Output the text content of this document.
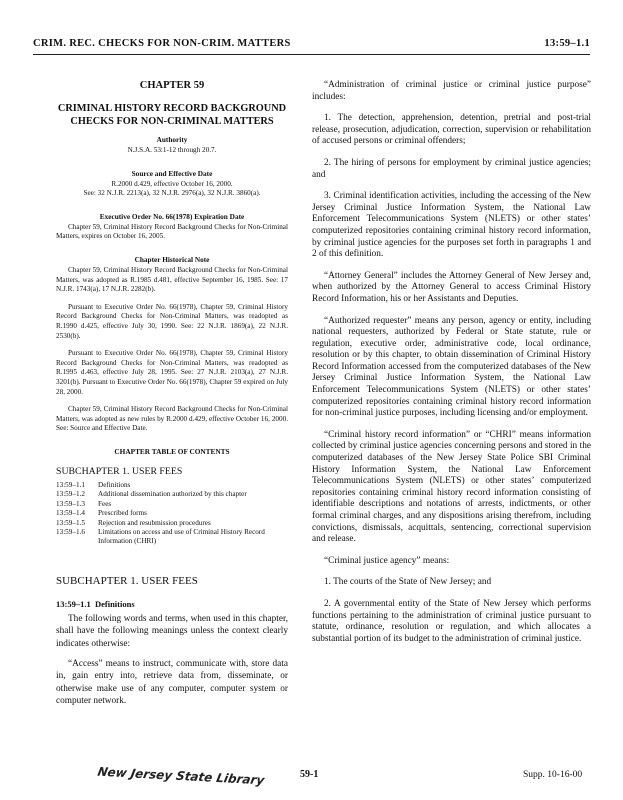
CRIM. REC. CHECKS FOR NON-CRIM. MATTERS	13:59–1.1

CHAPTER 59

CRIMINAL HISTORY RECORD BACKGROUND CHECKS FOR NON-CRIMINAL MATTERS

Authority

N.J.S.A. 53:1-12 through 20.7.

Source and Effective Date

R.2000 d.429, effective October 16, 2000.

See: 32 N.J.R. 2213(a), 32 N.J.R. 2976(a), 32 N.J.R. 3860(a).

Executive Order No. 66(1978) Expiration Date

Chapter 59, Criminal History Record Background Checks for Non-Criminal Matters, expires on October 16, 2005.

Chapter Historical Note

Chapter 59, Criminal History Record Background Checks for Non-Criminal Matters, was adopted as R.1985 d.481, effective September 16, 1985. See: 17 N.J.R. 1743(a), 17 N.J.R. 2282(b).

Pursuant to Executive Order No. 66(1978), Chapter 59, Criminal History Record Background Checks for Non-Criminal Matters, was readopted as R.1990 d.425, effective July 30, 1990. See: 22 N.J.R. 1869(a), 22 N.J.R. 2530(b).

Pursuant to Executive Order No. 66(1978), Chapter 59, Criminal History Record Background Checks for Non-Criminal Matters, was readopted as R.1995 d.463, effective July 28, 1995. See: 27 N.J.R. 2103(a), 27 N.J.R. 3201(b). Pursuant to Executive Order No. 66(1978), Chapter 59 expired on July 28, 2000.

Chapter 59, Criminal History Record Background Checks for Non-Criminal Matters, was adopted as new rules by R.2000 d.429, effective October 16, 2000. See: Source and Effective Date.

CHAPTER TABLE OF CONTENTS

SUBCHAPTER 1. USER FEES

13:59–1.1	Definitions
13:59–1.2	Additional dissemination authorized by this chapter
13:59–1.3	Fees
13:59–1.4	Prescribed forms
13:59–1.5	Rejection and resubmission procedures
13:59–1.6	Limitations on access and use of Criminal History Record Information (CHRI)

SUBCHAPTER 1. USER FEES

13:59–1.1 Definitions

The following words and terms, when used in this chapter, shall have the following meanings unless the context clearly indicates otherwise:

“Access” means to instruct, communicate with, store data in, gain entry into, retrieve data from, disseminate, or otherwise make use of any computer, computer system or computer network.

“Administration of criminal justice or criminal justice purpose” includes:

1. The detection, apprehension, detention, pretrial and post-trial release, prosecution, adjudication, correction, supervision or rehabilitation of accused persons or criminal offenders;

2. The hiring of persons for employment by criminal justice agencies; and

3. Criminal identification activities, including the accessing of the New Jersey Criminal Justice Information System, the National Law Enforcement Telecommunications System (NLETS) or other states’ computerized repositories containing criminal history record information, by criminal justice agencies for the purposes set forth in paragraphs 1 and 2 of this definition.

“Attorney General” includes the Attorney General of New Jersey and, when authorized by the Attorney General to access Criminal History Record Information, his or her Assistants and Deputies.

“Authorized requester” means any person, agency or entity, including national requesters, authorized by Federal or State statute, rule or regulation, executive order, administrative code, local ordinance, resolution or by this chapter, to obtain dissemination of Criminal History Record Information accessed from the computerized databases of the New Jersey Criminal Justice Information System, the National Law Enforcement Telecommunications System (NLETS) or other states’ computerized repositories containing criminal history record information for non-criminal justice purposes, including licensing and/or employment.

“Criminal history record information” or “CHRI” means information collected by criminal justice agencies concerning persons and stored in the computerized databases of the New Jersey State Police SBI Criminal History Information System, the National Law Enforcement Telecommunications System (NLETS) or other states’ computerized repositories containing criminal history record information consisting of identifiable descriptions and notations of arrests, indictments, or other formal criminal charges, and any dispositions arising therefrom, including convictions, dismissals, acquittals, sentencing, correctional supervision and release.

“Criminal justice agency” means:

1. The courts of the State of New Jersey; and

2. A governmental entity of the State of New Jersey which performs functions pertaining to the administration of criminal justice pursuant to statute, ordinance, resolution or regulation, and which allocates a substantial portion of its budget to the administration of criminal justice.

New Jersey State Library	59-1	Supp. 10-16-00
